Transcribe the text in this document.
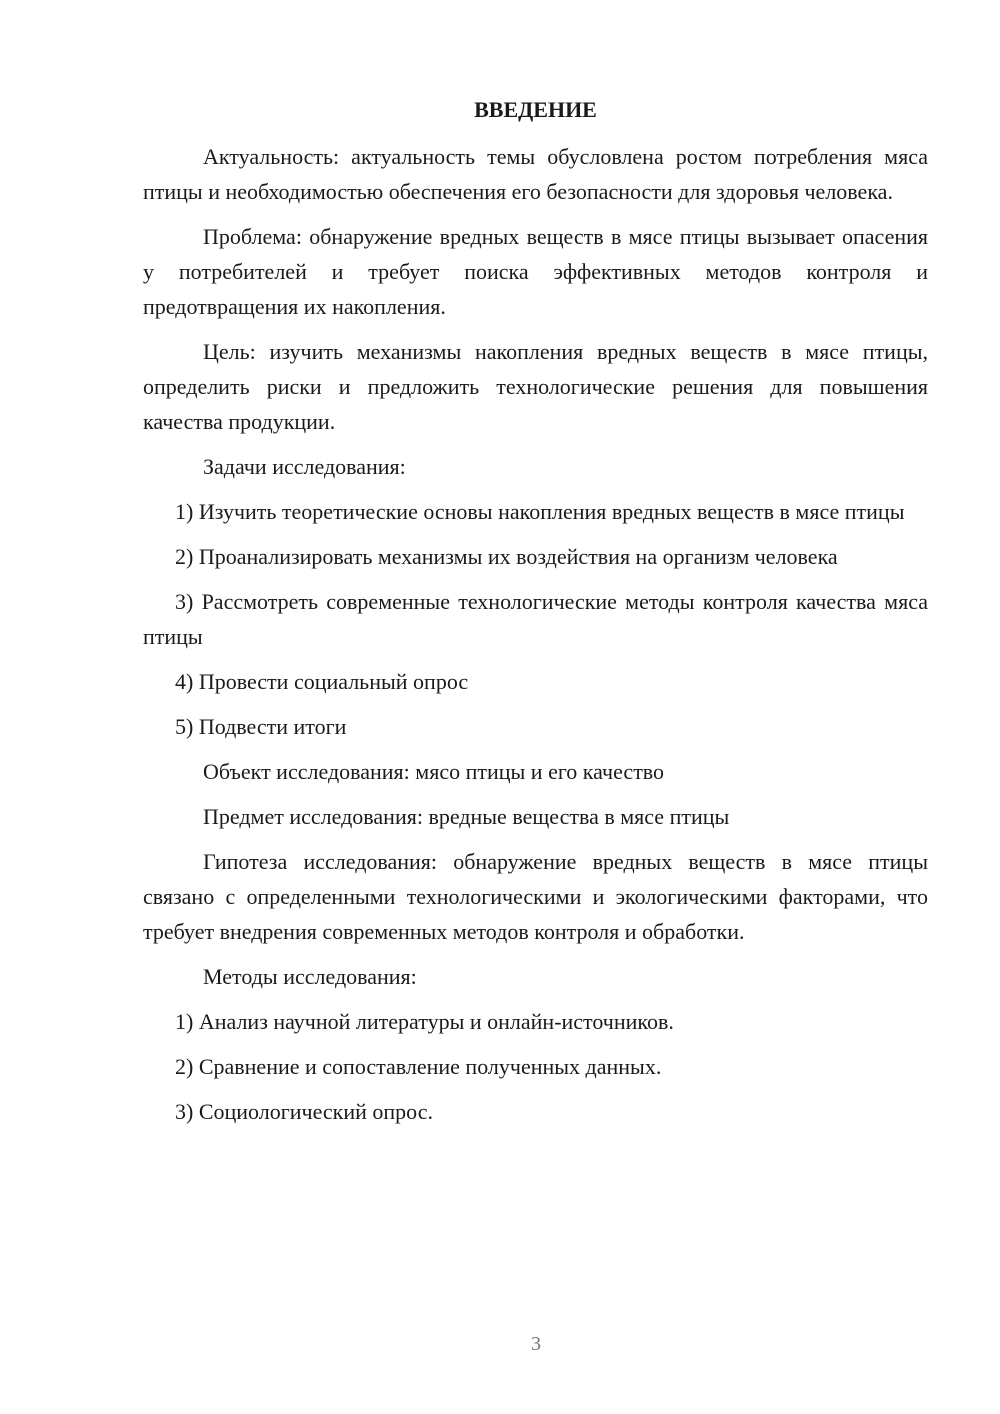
ВВЕДЕНИЕ

Актуальность: актуальность темы обусловлена ростом потребления мяса птицы и необходимостью обеспечения его безопасности для здоровья человека.

Проблема: обнаружение вредных веществ в мясе птицы вызывает опасения у потребителей и требует поиска эффективных методов контроля и предотвращения их накопления.

Цель: изучить механизмы накопления вредных веществ в мясе птицы, определить риски и предложить технологические решения для повышения качества продукции.

Задачи исследования:

1) Изучить теоретические основы накопления вредных веществ в мясе птицы

2) Проанализировать механизмы их воздействия на организм человека

3) Рассмотреть современные технологические методы контроля качества мяса птицы

4) Провести социальный опрос

5) Подвести итоги

Объект исследования: мясо птицы и его качество

Предмет исследования: вредные вещества в мясе птицы

Гипотеза исследования: обнаружение вредных веществ в мясе птицы связано с определенными технологическими и экологическими факторами, что требует внедрения современных методов контроля и обработки.

Методы исследования:

1) Анализ научной литературы и онлайн-источников.

2) Сравнение и сопоставление полученных данных.

3) Социологический опрос.

3
